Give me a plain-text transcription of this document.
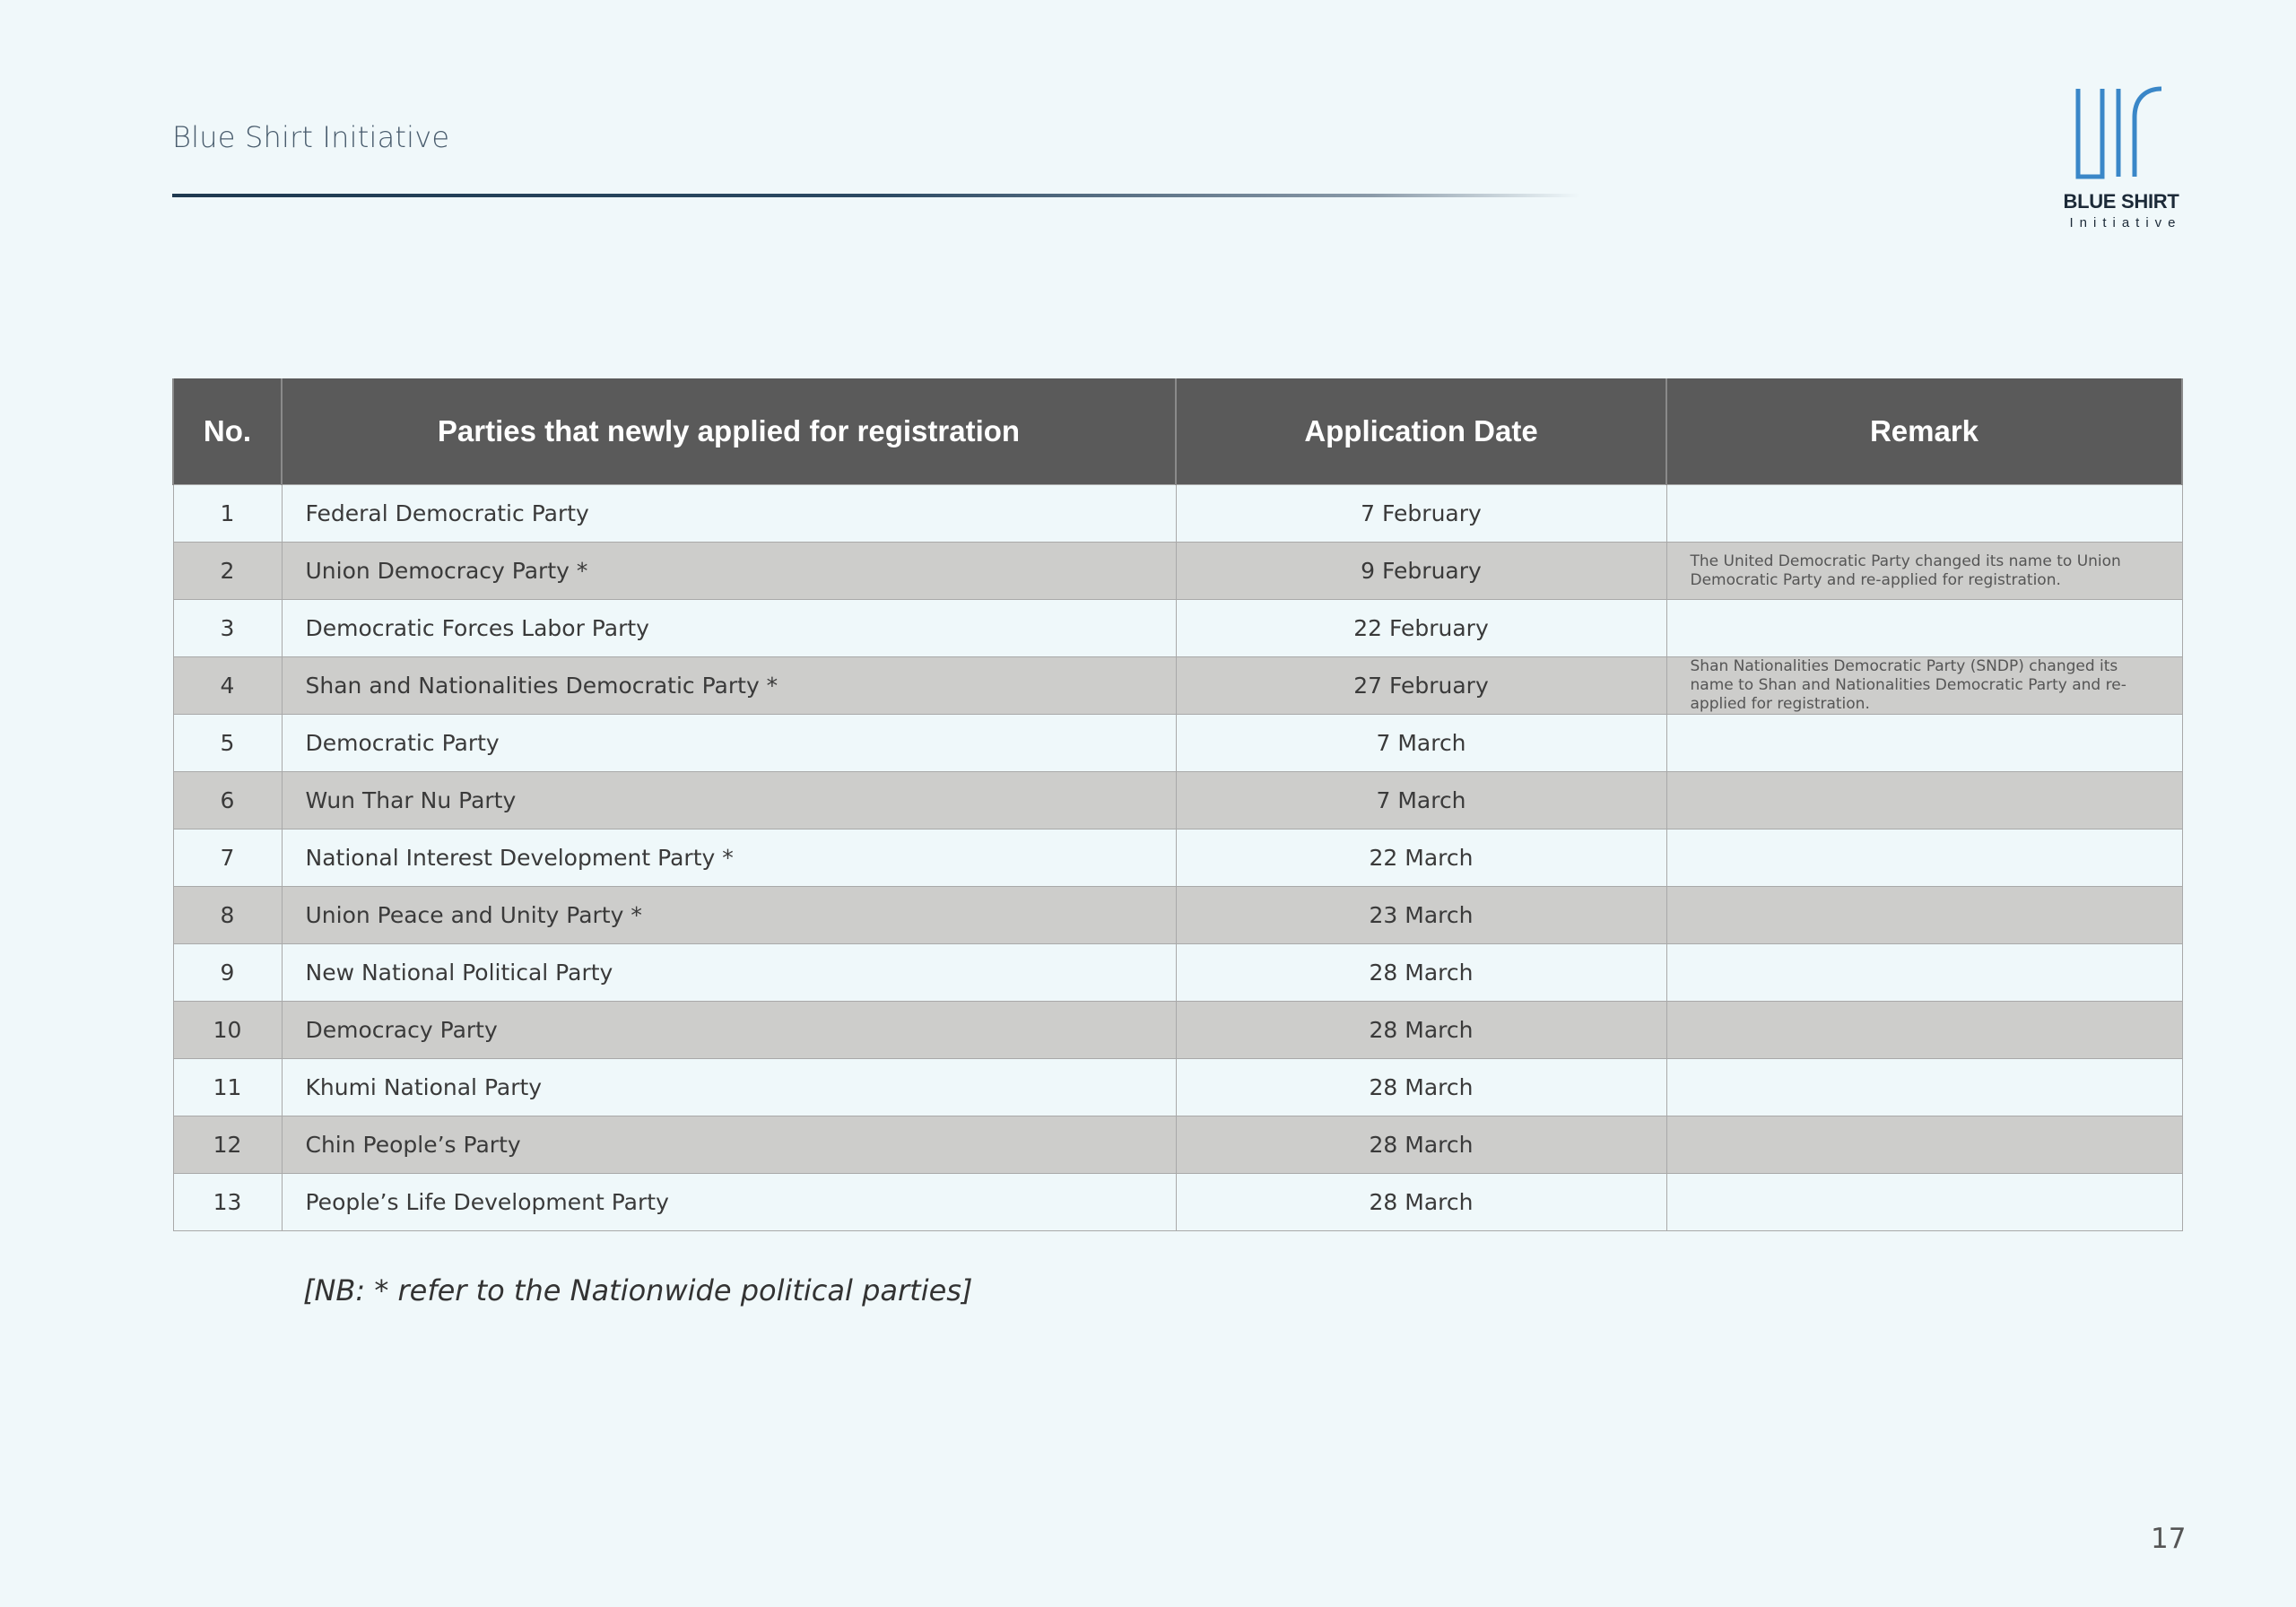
Blue Shirt Initiative
BLUE SHIRT
Initiative
No.	Parties that newly applied for registration	Application Date	Remark
1	Federal Democratic Party	7 February	
2	Union Democracy Party *	9 February	The United Democratic Party changed its name to Union Democratic Party and re-applied for registration.
3	Democratic Forces Labor Party	22 February	
4	Shan and Nationalities Democratic Party *	27 February	Shan Nationalities Democratic Party (SNDP) changed its name to Shan and Nationalities Democratic Party and re-applied for registration.
5	Democratic Party	7 March	
6	Wun Thar Nu Party	7 March	
7	National Interest Development Party *	22 March	
8	Union Peace and Unity Party *	23 March	
9	New National Political Party	28 March	
10	Democracy Party	28 March	
11	Khumi National Party	28 March	
12	Chin People’s Party	28 March	
13	People’s Life Development Party	28 March	
[NB: * refer to the Nationwide political parties]
17
